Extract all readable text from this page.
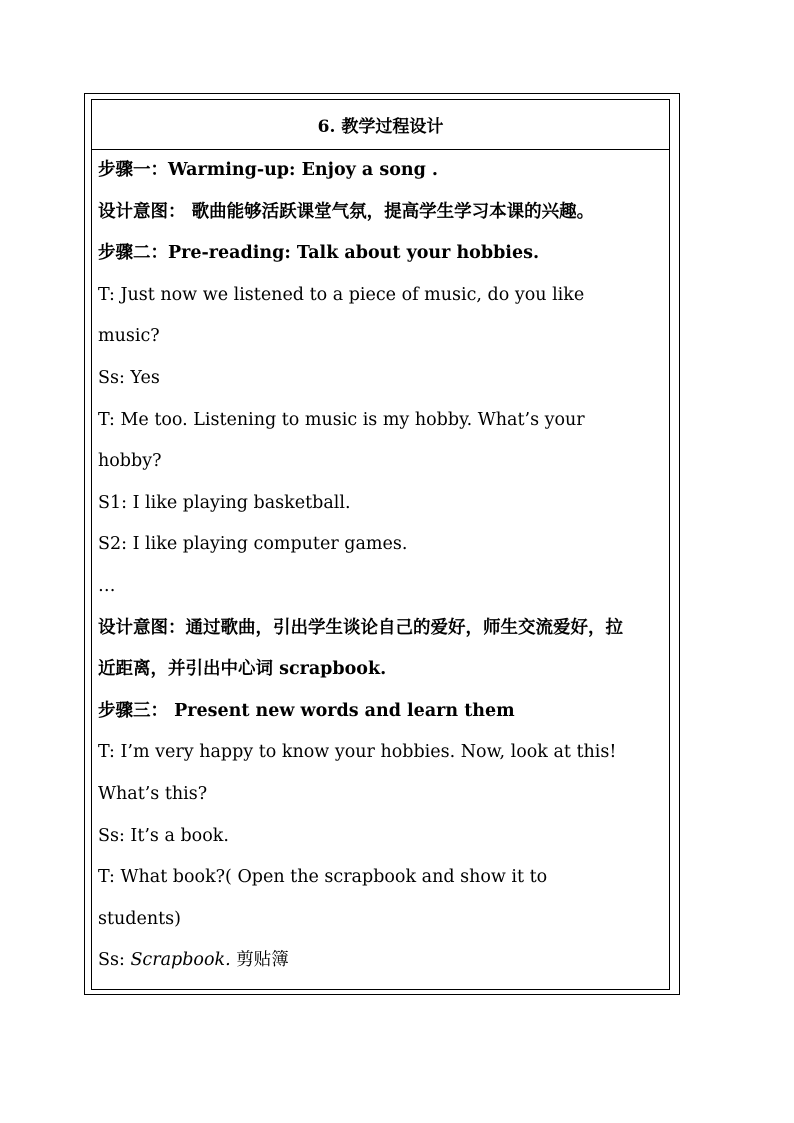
6. 教学过程设计
步骤一：Warming-up: Enjoy a song .
设计意图： 歌曲能够活跃课堂气氛，提高学生学习本课的兴趣。
步骤二：Pre-reading: Talk about your hobbies.
T: Just now we listened to a piece of music, do you like
music?
Ss: Yes
T: Me too. Listening to music is my hobby. What’s your
hobby?
S1: I like playing basketball.
S2: I like playing computer games.
…
设计意图：通过歌曲，引出学生谈论自己的爱好，师生交流爱好，拉
近距离，并引出中心词 scrapbook.
步骤三： Present new words and learn them
T: I’m very happy to know your hobbies. Now, look at this!
What’s this?
Ss: It’s a book.
T: What book?( Open the scrapbook and show it to
students)
Ss: Scrapbook. 剪贴簿
